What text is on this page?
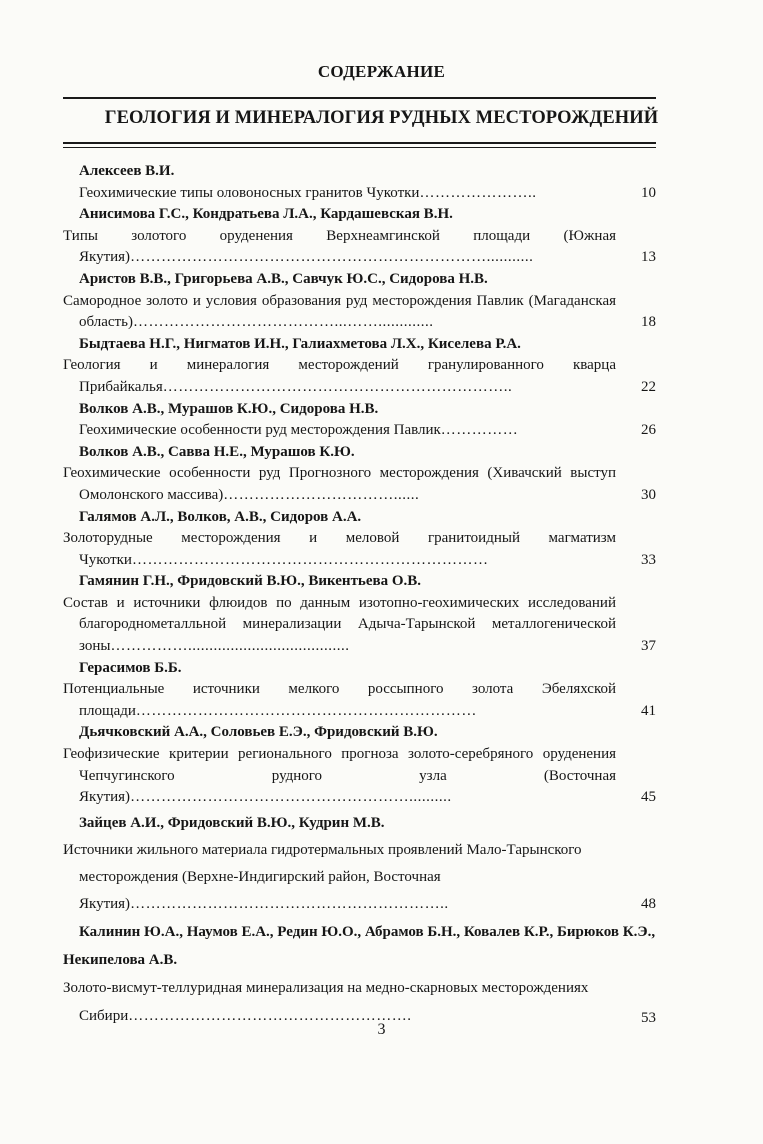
СОДЕРЖАНИЕ
ГЕОЛОГИЯ И МИНЕРАЛОГИЯ РУДНЫХ МЕСТОРОЖДЕНИЙ
Алексеев В.И.
Геохимические типы оловоносных гранитов Чукотки…………………..	10
Анисимова Г.С., Кондратьева Л.А., Кардашевская В.Н.
Типы золотого оруденения Верхнеамгинской площади (Южная Якутия)……………………………………………………………...........	13
Аристов В.В., Григорьева А.В., Савчук Ю.С., Сидорова Н.В.
Самородное золото и условия образования руд месторождения Павлик (Магаданская область)…………………………………...…….............	18
Быдтаева Н.Г., Нигматов И.Н., Галиахметова Л.Х., Киселева Р.А.
Геология и минералогия месторождений гранулированного кварца Прибайкалья…………………………………………………………..	22
Волков А.В., Мурашов К.Ю., Сидорова Н.В.
Геохимические особенности руд месторождения Павлик……………	26
Волков А.В., Савва Н.Е., Мурашов К.Ю.
Геохимические особенности руд Прогнозного месторождения (Хивачский выступ Омолонского массива)……………………………......	30
Галямов А.Л., Волков, А.В., Сидоров А.А.
Золоторудные месторождения и меловой гранитоидный магматизм Чукотки……………………………………………………………	33
Гамянин Г.Н., Фридовский В.Ю., Викентьева О.В.
Состав и источники флюидов по данным изотопно-геохимических исследований благороднометалльной минерализации Адыча-Тарынской металлогенической зоны……………......................................	37
Герасимов Б.Б.
Потенциальные источники мелкого россыпного золота Эбеляхской площади…………………………………………………………	41
Дьячковский А.А., Соловьев Е.Э., Фридовский В.Ю.
Геофизические критерии регионального прогноза золото-серебряного оруденения Чепчугинского рудного узла (Восточная Якутия)………………………………………………..........	45
Зайцев А.И., Фридовский В.Ю., Кудрин М.В.
Источники жильного материала гидротермальных проявлений Мало-Тарынского месторождения (Верхне-Индигирский район, Восточная Якутия)……………………………………………………..	48
Калинин Ю.А., Наумов Е.А., Редин Ю.О., Абрамов Б.Н., Ковалев К.Р., Бирюков К.Э., Некипелова А.В.
Золото-висмут-теллуридная минерализация на медно-скарновых месторождениях Сибири……………………………………………….	53
3
